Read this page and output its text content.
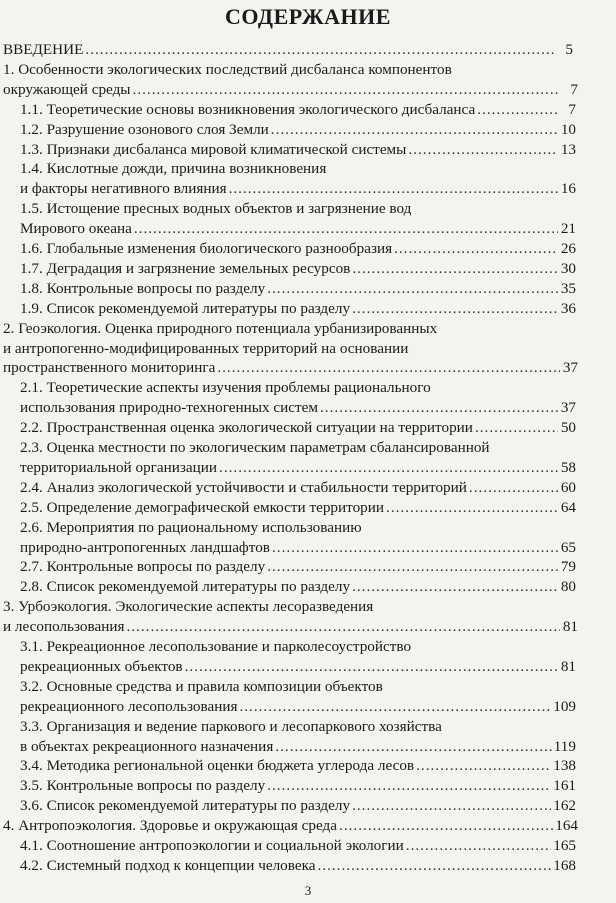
СОДЕРЖАНИЕ
ВВЕДЕНИЕ .....	5
1. Особенности экологических последствий дисбаланса компонентов
окружающей среды .....	7
1.1. Теоретические основы возникновения экологического дисбаланса .....	7
1.2. Разрушение озонового слоя Земли .....	10
1.3. Признаки дисбаланса мировой климатической системы .....	13
1.4. Кислотные дожди, причина возникновения
и факторы негативного влияния .....	16
1.5. Истощение пресных водных объектов и загрязнение вод
Мирового океана .....	21
1.6. Глобальные изменения биологического разнообразия .....	26
1.7. Деградация и загрязнение земельных ресурсов .....	30
1.8. Контрольные вопросы по разделу .....	35
1.9. Список рекомендуемой литературы по разделу .....	36
2. Геоэкология. Оценка природного потенциала урбанизированных
и антропогенно-модифицированных территорий на основании
пространственного мониторинга .....	37
2.1. Теоретические аспекты изучения проблемы рационального
использования природно-техногенных систем .....	37
2.2. Пространственная оценка экологической ситуации на территории .....	50
2.3. Оценка местности по экологическим параметрам сбалансированной
территориальной организации .....	58
2.4. Анализ экологической устойчивости и стабильности территорий .....	60
2.5. Определение демографической емкости территории .....	64
2.6. Мероприятия по рациональному использованию
природно-антропогенных ландшафтов .....	65
2.7. Контрольные вопросы по разделу .....	79
2.8. Список рекомендуемой литературы по разделу .....	80
3. Урбоэкология. Экологические аспекты лесоразведения
и лесопользования .....	81
3.1. Рекреационное лесопользование и парколесоустройство
рекреационных объектов .....	81
3.2. Основные средства и правила композиции объектов
рекреационного лесопользования .....	109
3.3. Организация и ведение паркового и лесопаркового хозяйства
в объектах рекреационного назначения .....	119
3.4. Методика региональной оценки бюджета углерода лесов .....	138
3.5. Контрольные вопросы по разделу .....	161
3.6. Список рекомендуемой литературы по разделу .....	162
4. Антропоэкология. Здоровье и окружающая среда .....	164
4.1. Соотношение антропоэкологии и социальной экологии .....	165
4.2. Системный подход к концепции человека .....	168
3
